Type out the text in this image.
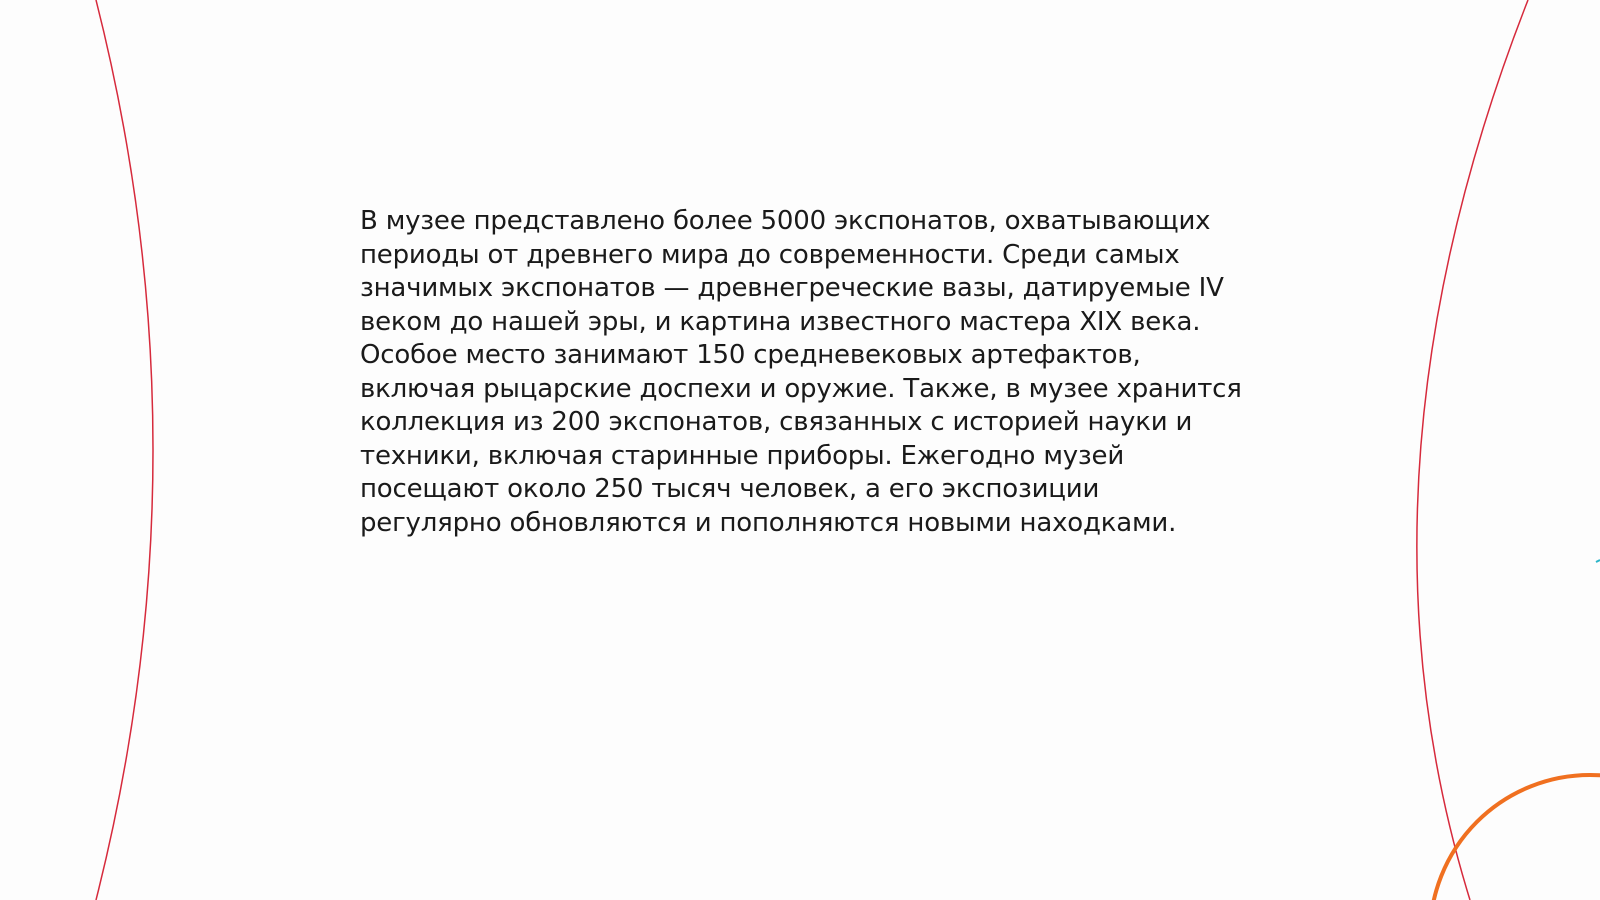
В музее представлено более 5000 экспонатов, охватывающих
периоды от древнего мира до современности. Среди самых
значимых экспонатов — древнегреческие вазы, датируемые IV
веком до нашей эры, и картина известного мастера XIX века.
Особое место занимают 150 средневековых артефактов,
включая рыцарские доспехи и оружие. Также, в музее хранится
коллекция из 200 экспонатов, связанных с историей науки и
техники, включая старинные приборы. Ежегодно музей
посещают около 250 тысяч человек, а его экспозиции
регулярно обновляются и пополняются новыми находками.
